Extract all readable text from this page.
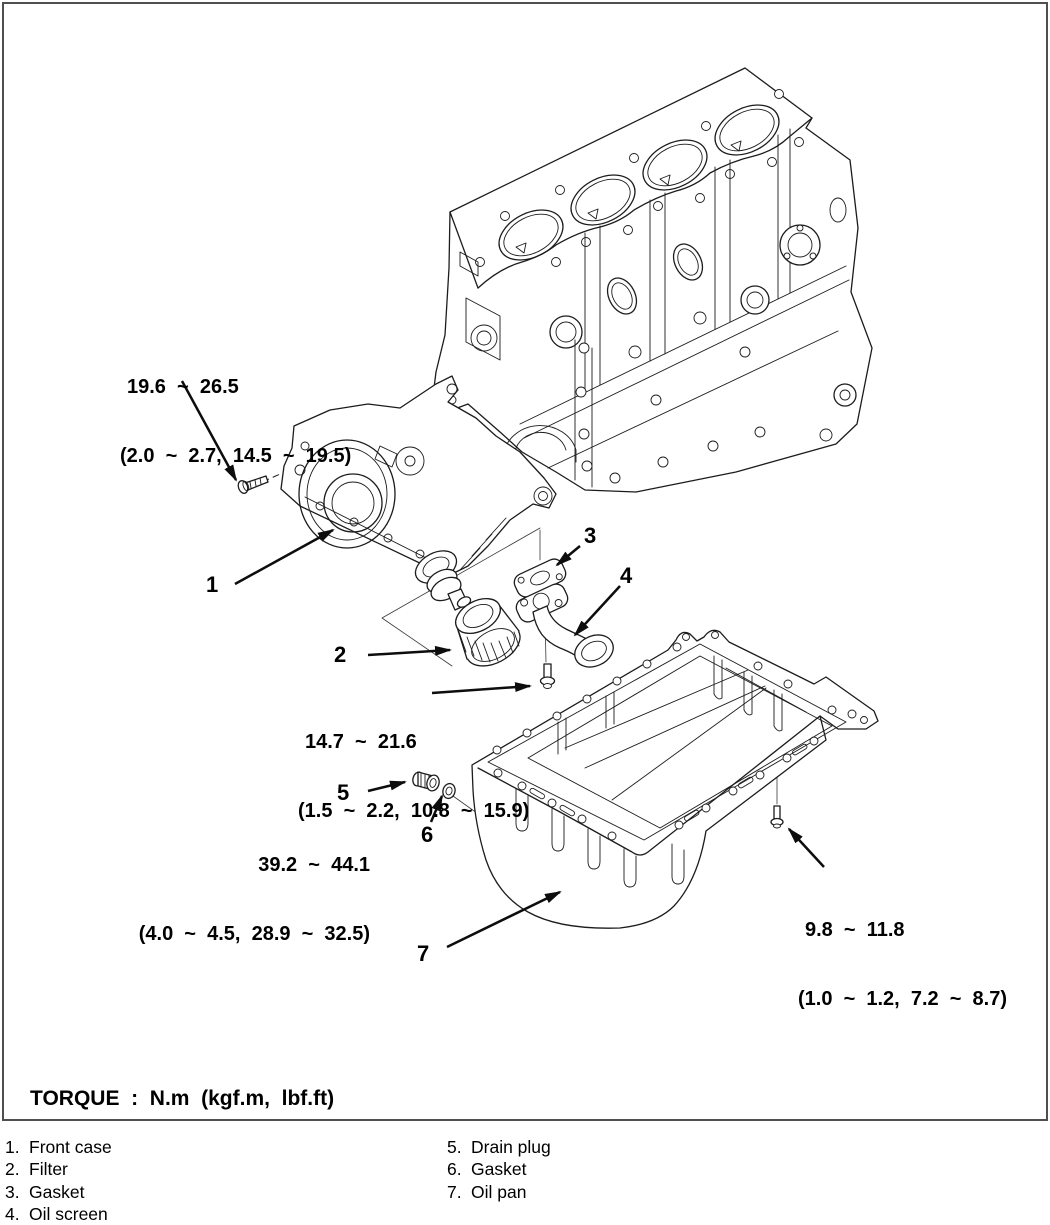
19.6  ~  26.5

(2.0  ~  2.7,  14.5  ~  19.5)

14.7  ~  21.6

(1.5  ~  2.2,  10.8  ~  15.9)

39.2  ~  44.1

(4.0  ~  4.5,  28.9  ~  32.5)

	9.8  ~  11.8

(1.0  ~  1.2,  7.2  ~  8.7)

1
2
3
4
5
6
7
TORQUE  :  N.m  (kgf.m,  lbf.ft)
1. Front case
2. Filter
3. Gasket
4. Oil screen
5. Drain plug
6. Gasket
7. Oil pan
